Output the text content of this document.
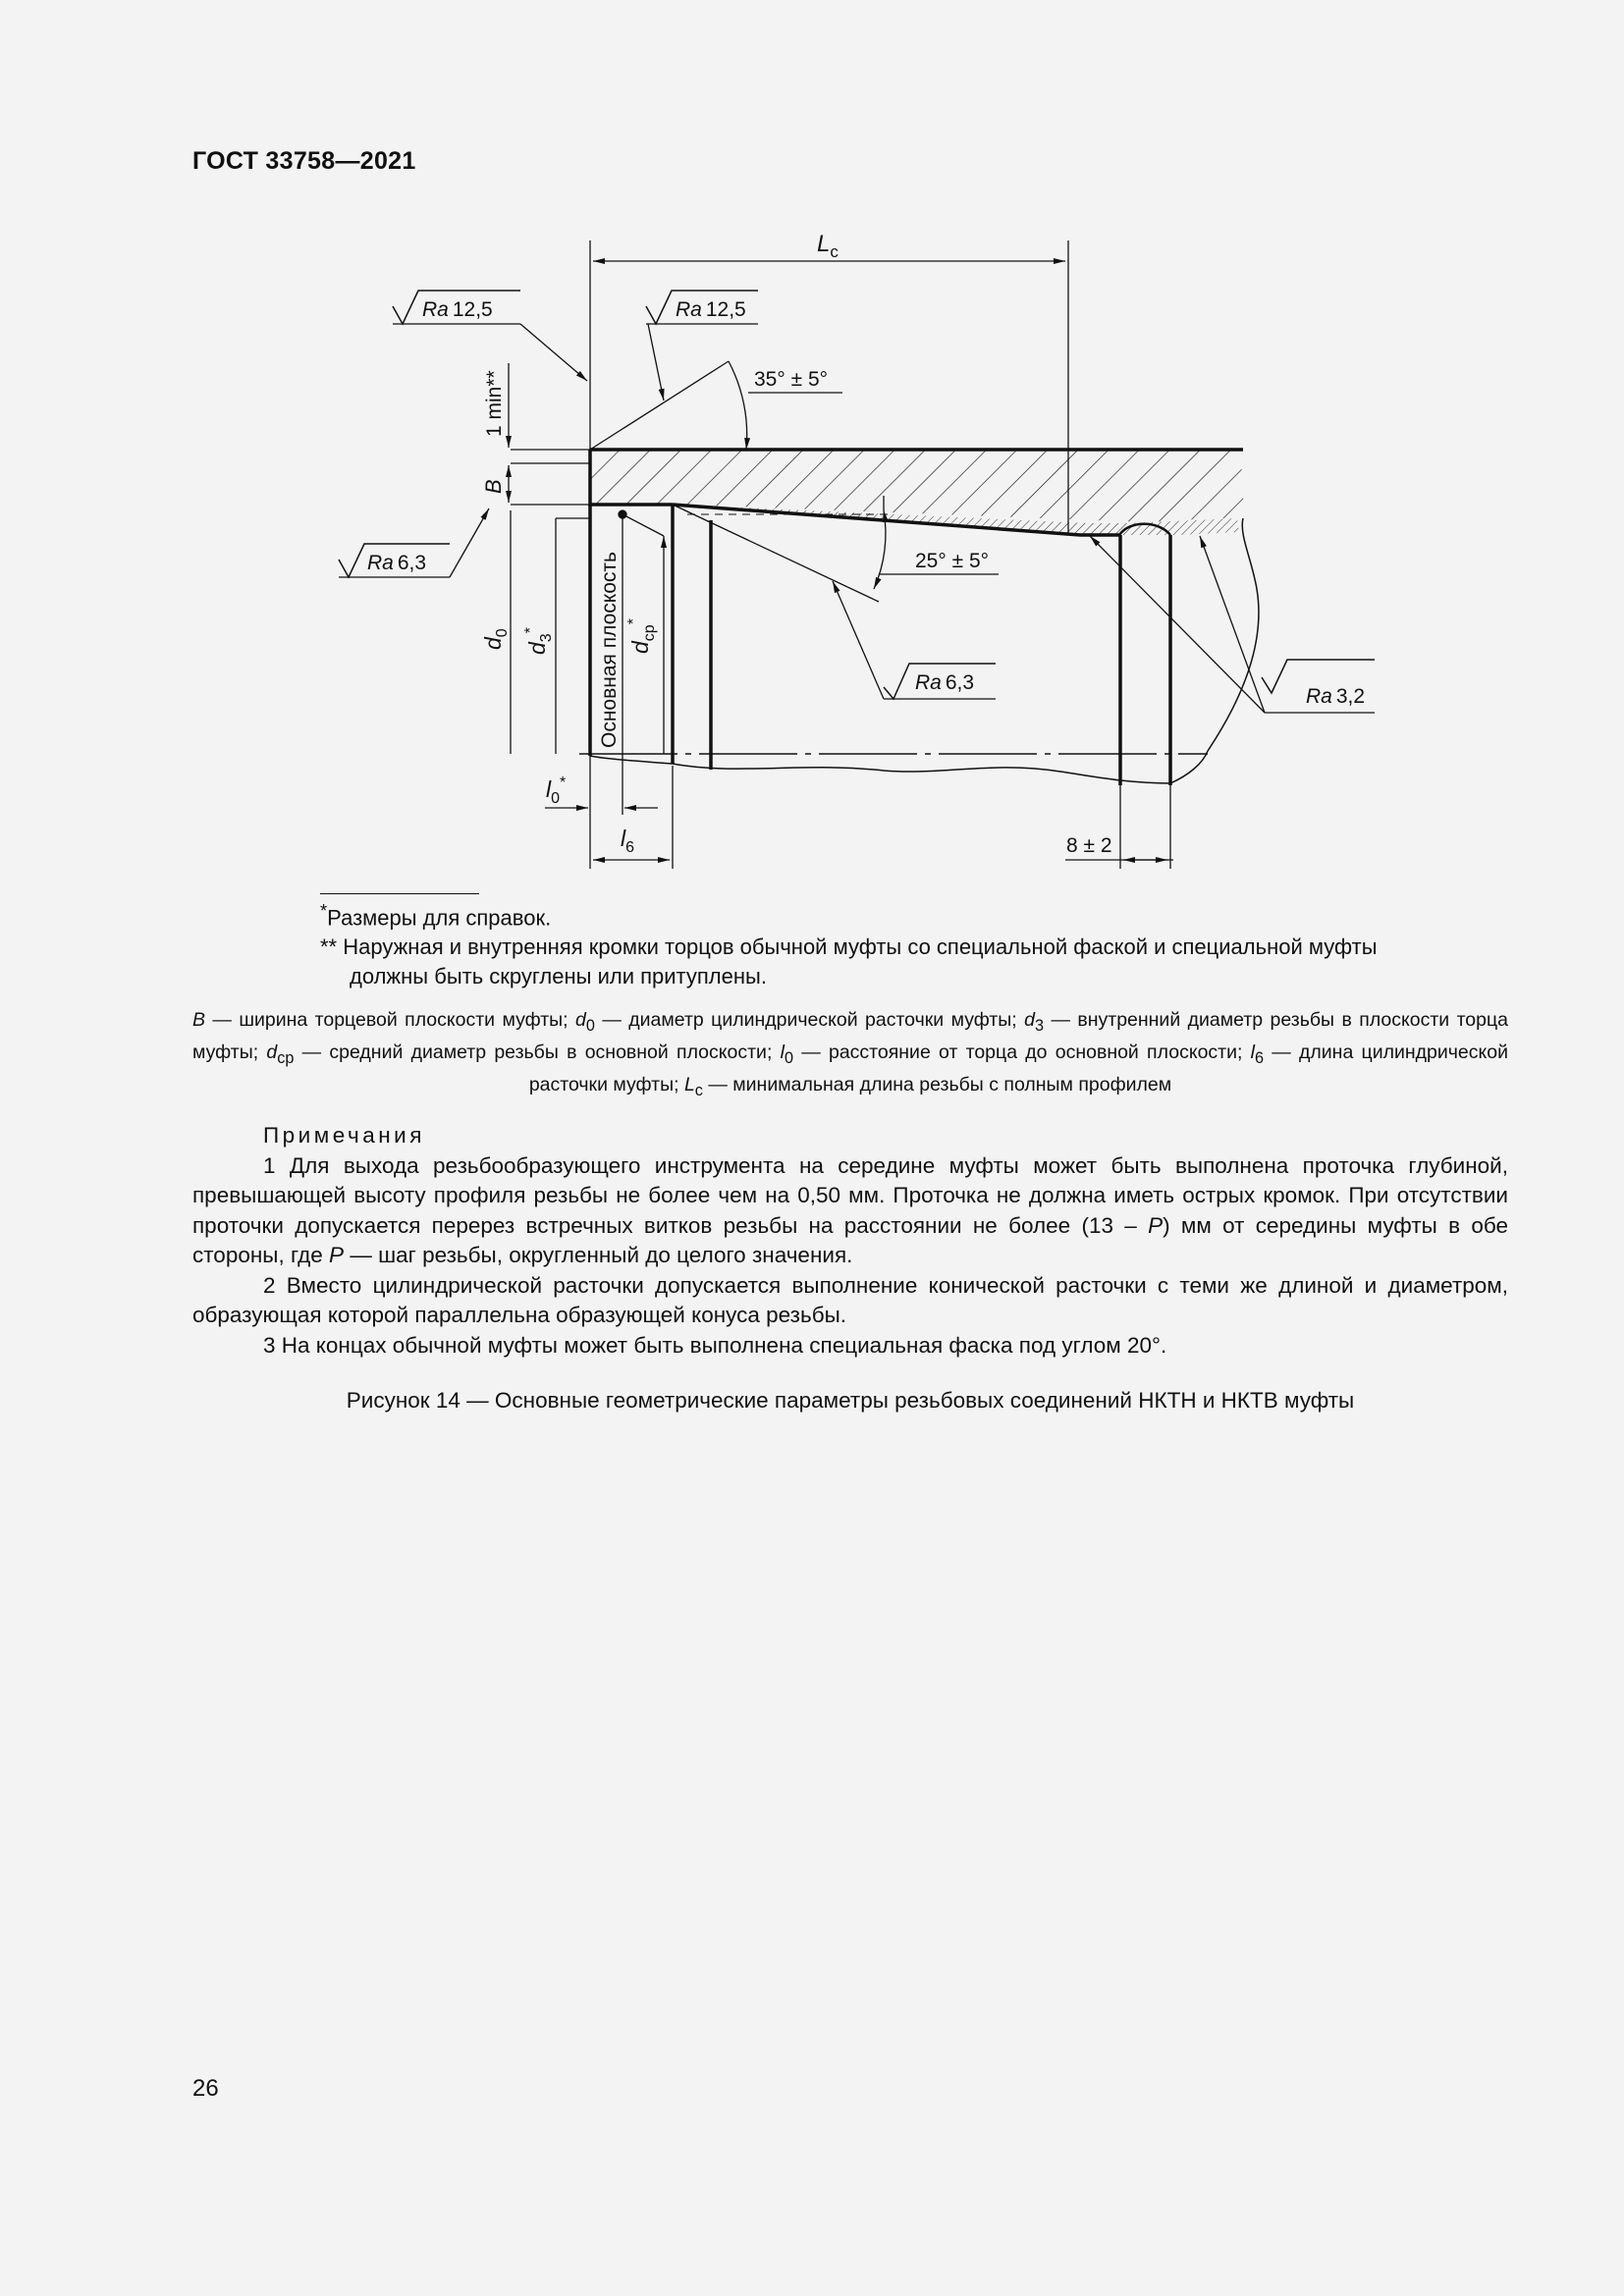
ГОСТ 33758—2021
$L_c$
1 min**
B
$d_0$
$d_3^*$
$d_{cp}^*$
Основная плоскость
$l_0^*$
$l_6$	8 ± 2
35° ± 5°
25° ± 5°
Ra 12,5	Ra 12,5
Ra 6,3
Ra 6,3
Ra 3,2
*Размеры для справок.
** Наружная и внутренняя кромки торцов обычной муфты со специальной фаской и специальной муфты должны быть скруглены или притуплены.
B — ширина торцевой плоскости муфты; $d_0$ — диаметр цилиндрической расточки муфты; $d_3$ — внутренний диаметр резьбы в плоскости торца муфты; $d_{ср}$ — средний диаметр резьбы в основной плоскости; $l_0$ — расстояние от торца до основной плоскости; $l_6$ — длина цилиндрической расточки муфты; $L_c$ — минимальная длина резьбы с полным профилем
Примечания

1 Для выхода резьбообразующего инструмента на середине муфты может быть выполнена проточка глубиной, превышающей высоту профиля резьбы не более чем на 0,50 мм. Проточка не должна иметь острых кромок. При отсутствии проточки допускается перерез встречных витков резьбы на расстоянии не более (13 – P) мм от середины муфты в обе стороны, где P — шаг резьбы, округленный до целого значения.

2 Вместо цилиндрической расточки допускается выполнение конической расточки с теми же длиной и диаметром, образующая которой параллельна образующей конуса резьбы.

3 На концах обычной муфты может быть выполнена специальная фаска под углом 20°.

Рисунок 14 — Основные геометрические параметры резьбовых соединений НКТН и НКТВ муфты
26
